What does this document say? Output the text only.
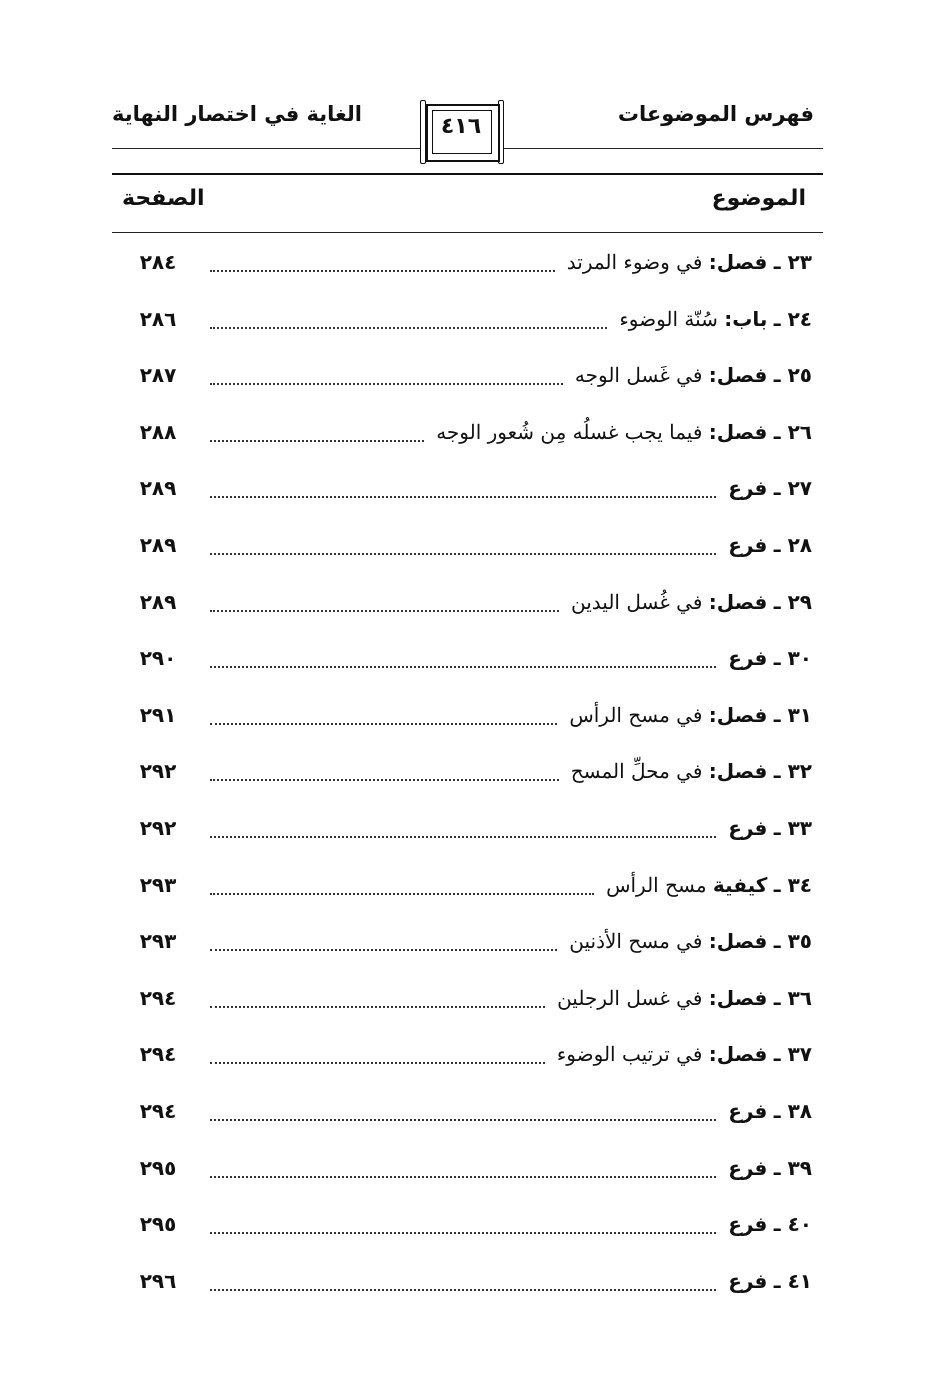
فهرس الموضوعات
الغاية في اختصار النهاية	٤١٦
الموضوع
الصفحة
٢٣ ـ فصل: في وضوء المرتد
٢٨٤
٢٤ ـ باب: سُنّة الوضوء
٢٨٦
٢٥ ـ فصل: في غَسل الوجه
٢٨٧
٢٦ ـ فصل: فيما يجب غسلُه مِن شُعور الوجه
٢٨٨
٢٧ ـ فرع
٢٨٩
٢٨ ـ فرع
٢٨٩
٢٩ ـ فصل: في غُسل اليدين
٢٨٩
٣٠ ـ فرع
٢٩٠
٣١ ـ فصل: في مسح الرأس
٢٩١
٣٢ ـ فصل: في محلِّ المسح
٢٩٢
٣٣ ـ فرع
٢٩٢
٣٤ ـ كيفية مسح الرأس
٢٩٣
٣٥ ـ فصل: في مسح الأذنين
٢٩٣
٣٦ ـ فصل: في غسل الرجلين
٢٩٤
٣٧ ـ فصل: في ترتيب الوضوء
٢٩٤
٣٨ ـ فرع
٢٩٤
٣٩ ـ فرع
٢٩٥
٤٠ ـ فرع
٢٩٥
٤١ ـ فرع
٢٩٦
